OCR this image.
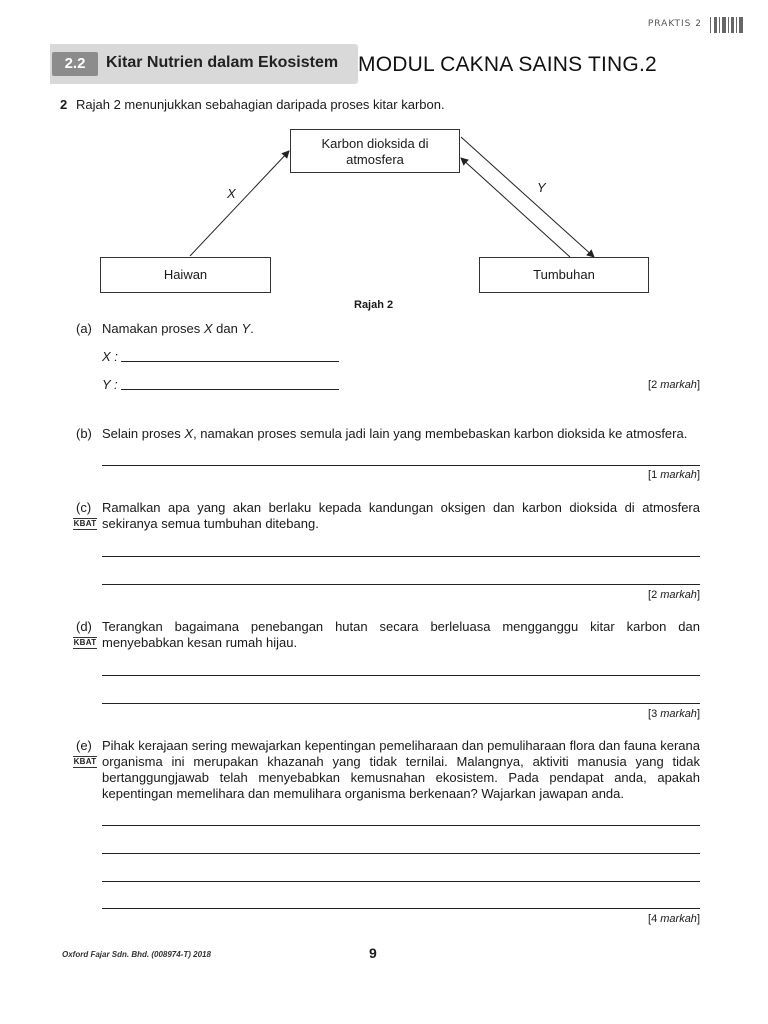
PRAKTIS 2
2.2	Kitar Nutrien dalam Ekosistem MODUL CAKNA SAINS TING.2
2 Rajah 2 menunjukkan sebahagian daripada proses kitar karbon.
Karbon dioksida di
atmosfera
Haiwan	Tumbuhan
X	Y
Rajah 2
(a) Namakan proses X dan Y.
X :
Y :	[2 markah]
(b) Selain proses X, namakan proses semula jadi lain yang membebaskan karbon dioksida ke atmosfera.
[1 markah]
(c)
KBAT
Ramalkan apa yang akan berlaku kepada kandungan oksigen dan karbon dioksida di atmosfera sekiranya semua tumbuhan ditebang.
[2 markah]
(d)
KBAT
Terangkan bagaimana penebangan hutan secara berleluasa mengganggu kitar karbon dan menyebabkan kesan rumah hijau.
[3 markah]
(e)
KBAT
Pihak kerajaan sering mewajarkan kepentingan pemeliharaan dan pemuliharaan flora dan fauna kerana organisma ini merupakan khazanah yang tidak ternilai. Malangnya, aktiviti manusia yang tidak bertanggungjawab telah menyebabkan kemusnahan ekosistem. Pada pendapat anda, apakah kepentingan memelihara dan memulihara organisma berkenaan? Wajarkan jawapan anda.
[4 markah]
Oxford Fajar Sdn. Bhd. (008974-T) 2018	9
